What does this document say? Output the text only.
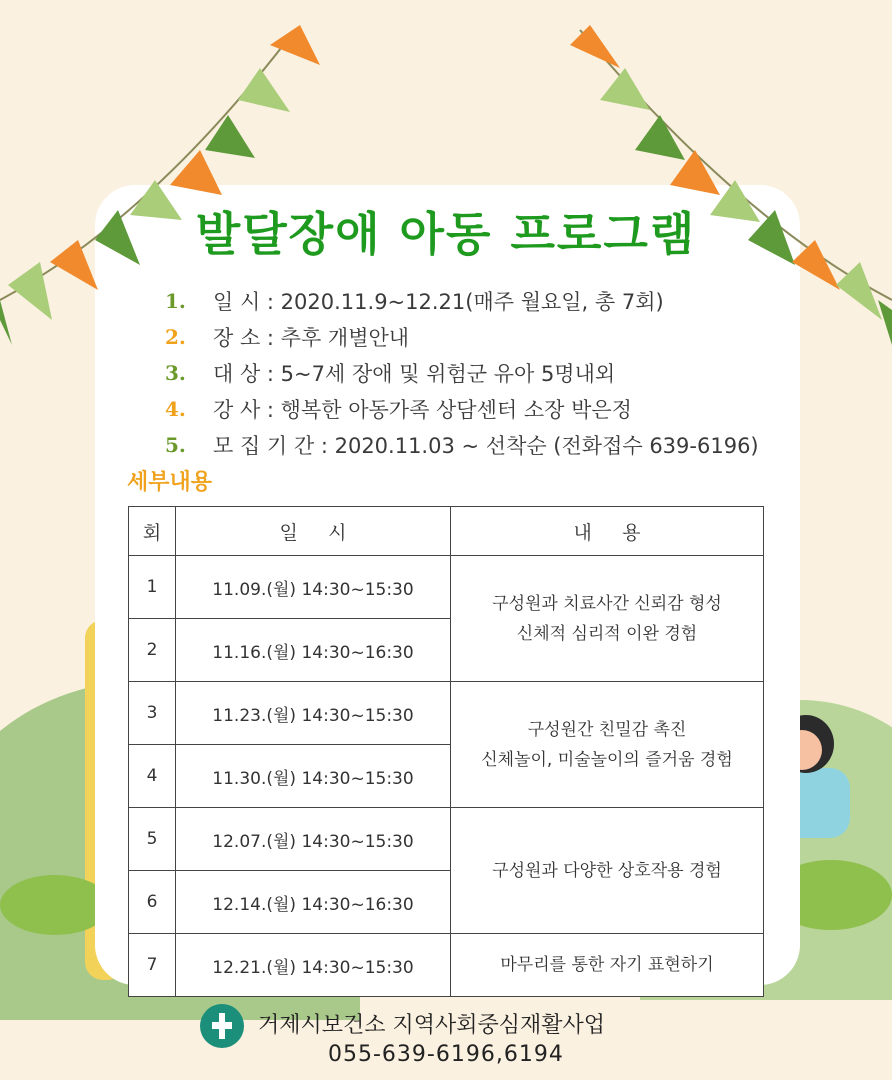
발달장애 아동 프로그램
1.	일 시 : 2020.11.9~12.21(매주 월요일, 총 7회)
2.	장 소 : 추후 개별안내
3.	대 상 : 5~7세 장애 및 위험군 유아 5명내외
4.	강 사 : 행복한 아동가족 상담센터 소장 박은정
5.	모 집 기 간 : 2020.11.03 ~ 선착순 (전화접수 639-6196)
세부내용
회	일     시	내     용
1	11.09.(월) 14:30~15:30	구성원과 치료사간 신뢰감 형성
신체적 심리적 이완 경험

2	11.16.(월) 14:30~16:30	
3	11.23.(월) 14:30~15:30	구성원간 친밀감 촉진
신체놀이, 미술놀이의 즐거움 경험

4	11.30.(월) 14:30~15:30	
5	12.07.(월) 14:30~15:30	구성원과 다양한 상호작용 경험

6	12.14.(월) 14:30~16:30	
7	12.21.(월) 14:30~15:30	마무리를 통한 자기 표현하기
거제시보건소 지역사회중심재활사업
055-639-6196,6194
